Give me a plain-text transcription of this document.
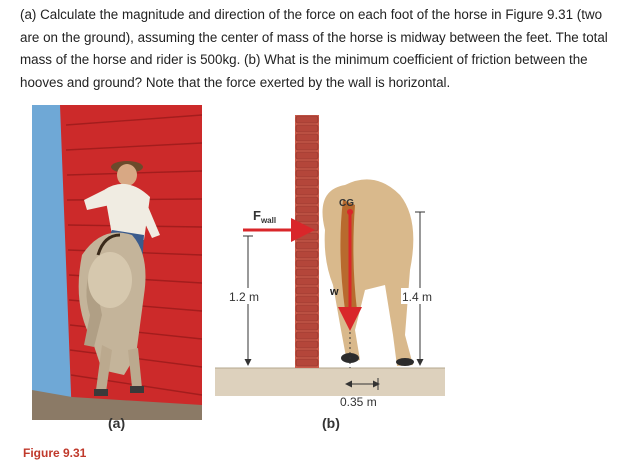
(a) Calculate the magnitude and direction of the force on each foot of the horse in Figure 9.31 (two are on the ground), assuming the center of mass of the horse is midway between the feet. The total mass of the horse and rider is 500kg. (b) What is the minimum coefficient of friction between the hooves and ground? Note that the force exerted by the wall is horizontal.

$F_{wall}$
CG
w
1.2 m	1.4 m
0.35 m
(a)	(b)
Figure 9.31
